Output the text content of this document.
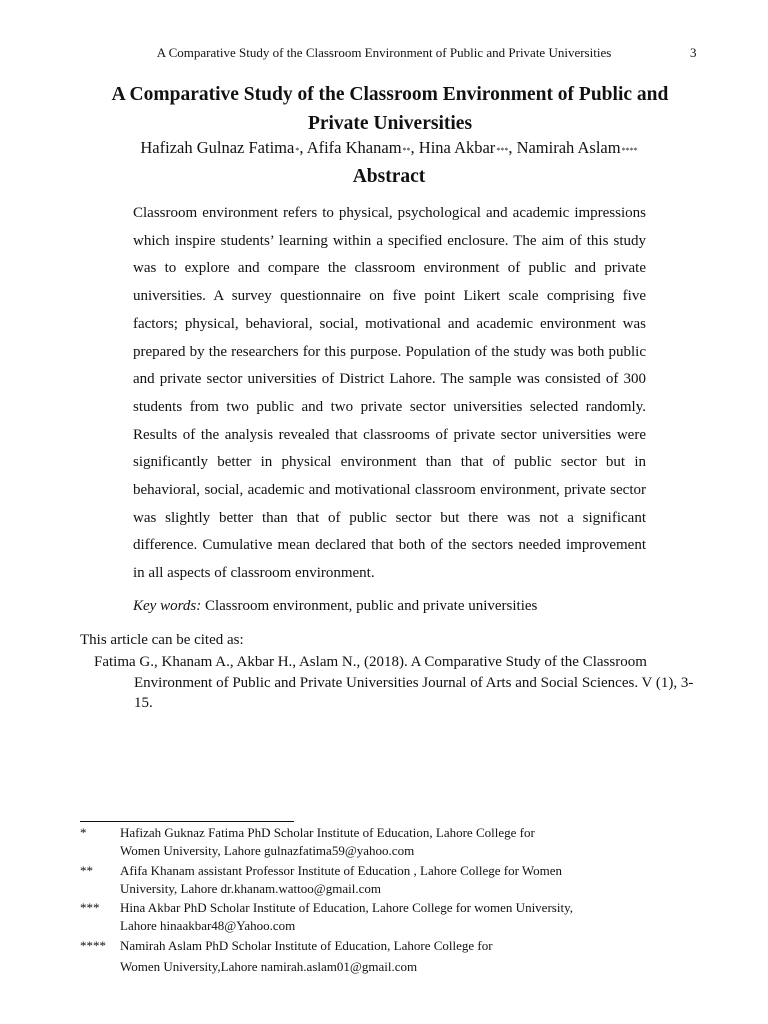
A Comparative Study of the Classroom Environment of Public and Private Universities	3
A Comparative Study of the Classroom Environment of Public and
Private Universities
Hafizah Gulnaz Fatima*, Afifa Khanam**, Hina Akbar***, Namirah Aslam****
Abstract

Classroom environment refers to physical, psychological and academic impressions which inspire students’ learning within a specified enclosure. The aim of this study was to explore and compare the classroom environment of public and private universities. A survey questionnaire on five point Likert scale comprising five factors; physical, behavioral, social, motivational and academic environment was prepared by the researchers for this purpose. Population of the study was both public and private sector universities of District Lahore. The sample was consisted of 300 students from two public and two private sector universities selected randomly. Results of the analysis revealed that classrooms of private sector universities were significantly better in physical environment than that of public sector but in behavioral, social, academic and motivational classroom environment, private sector was slightly better than that of public sector but there was not a significant difference. Cumulative mean declared that both of the sectors needed improvement in all aspects of classroom environment.

Key words: Classroom environment, public and private universities
This article can be cited as:
Fatima G., Khanam A., Akbar H., Aslam N., (2018). A Comparative Study of the Classroom Environment of Public and Private Universities Journal of Arts and Social Sciences. V (1), 3-15.
*	Hafizah Guknaz Fatima PhD Scholar Institute of Education, Lahore College for
Women University, Lahore gulnazfatima59@yahoo.com
**	Afifa Khanam assistant Professor Institute of Education , Lahore College for Women
University, Lahore dr.khanam.wattoo@gmail.com
***	Hina Akbar PhD Scholar Institute of Education, Lahore College for women University,
Lahore hinaakbar48@Yahoo.com
****	Namirah Aslam PhD Scholar Institute of Education, Lahore College for
Women University,Lahore namirah.aslam01@gmail.com
